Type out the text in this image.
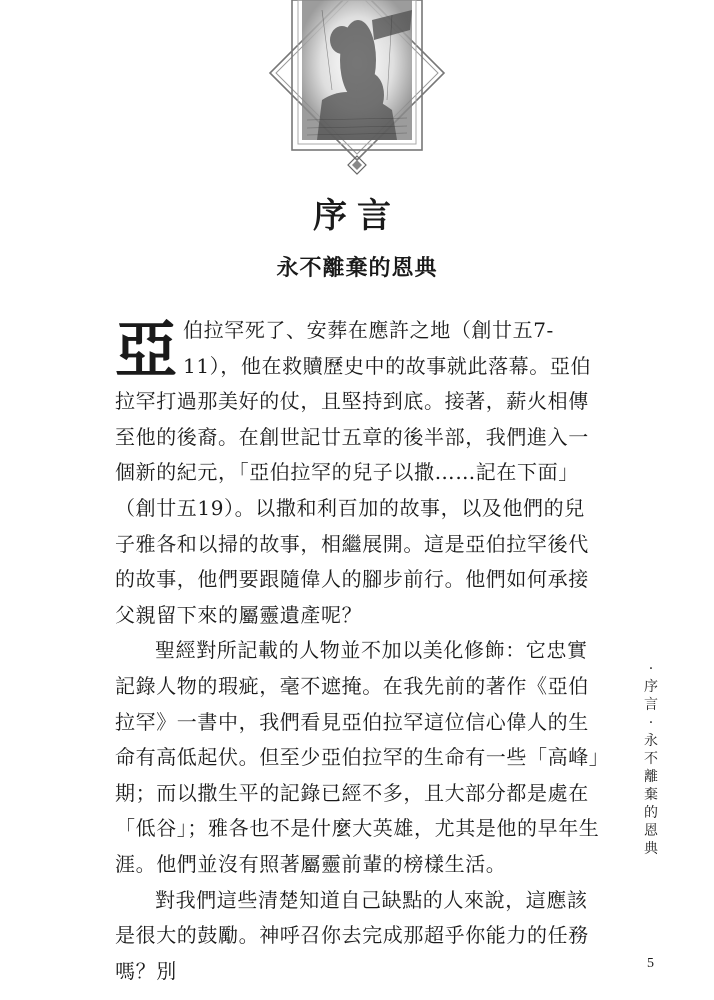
序言
永不離棄的恩典

亞伯拉罕死了、安葬在應許之地（創廿五7-11），他在救贖歷史中的故事就此落幕。亞伯拉罕打過那美好的仗，且堅持到底。接著，薪火相傳至他的後裔。在創世記廿五章的後半部，我們進入一個新的紀元，「亞伯拉罕的兒子以撒……記在下面」（創廿五19）。以撒和利百加的故事，以及他們的兒子雅各和以掃的故事，相繼展開。這是亞伯拉罕後代的故事，他們要跟隨偉人的腳步前行。他們如何承接父親留下來的屬靈遺產呢？

聖經對所記載的人物並不加以美化修飾：它忠實記錄人物的瑕疵，毫不遮掩。在我先前的著作《亞伯拉罕》一書中，我們看見亞伯拉罕這位信心偉人的生命有高低起伏。但至少亞伯拉罕的生命有一些「高峰」期；而以撒生平的記錄已經不多，且大部分都是處在「低谷」；雅各也不是什麼大英雄，尤其是他的早年生涯。他們並沒有照著屬靈前輩的榜樣生活。

對我們這些清楚知道自己缺點的人來說，這應該是很大的鼓勵。神呼召你去完成那超乎你能力的任務嗎？別

·
序
言
·
永
不
離
棄
的
恩
典
5
